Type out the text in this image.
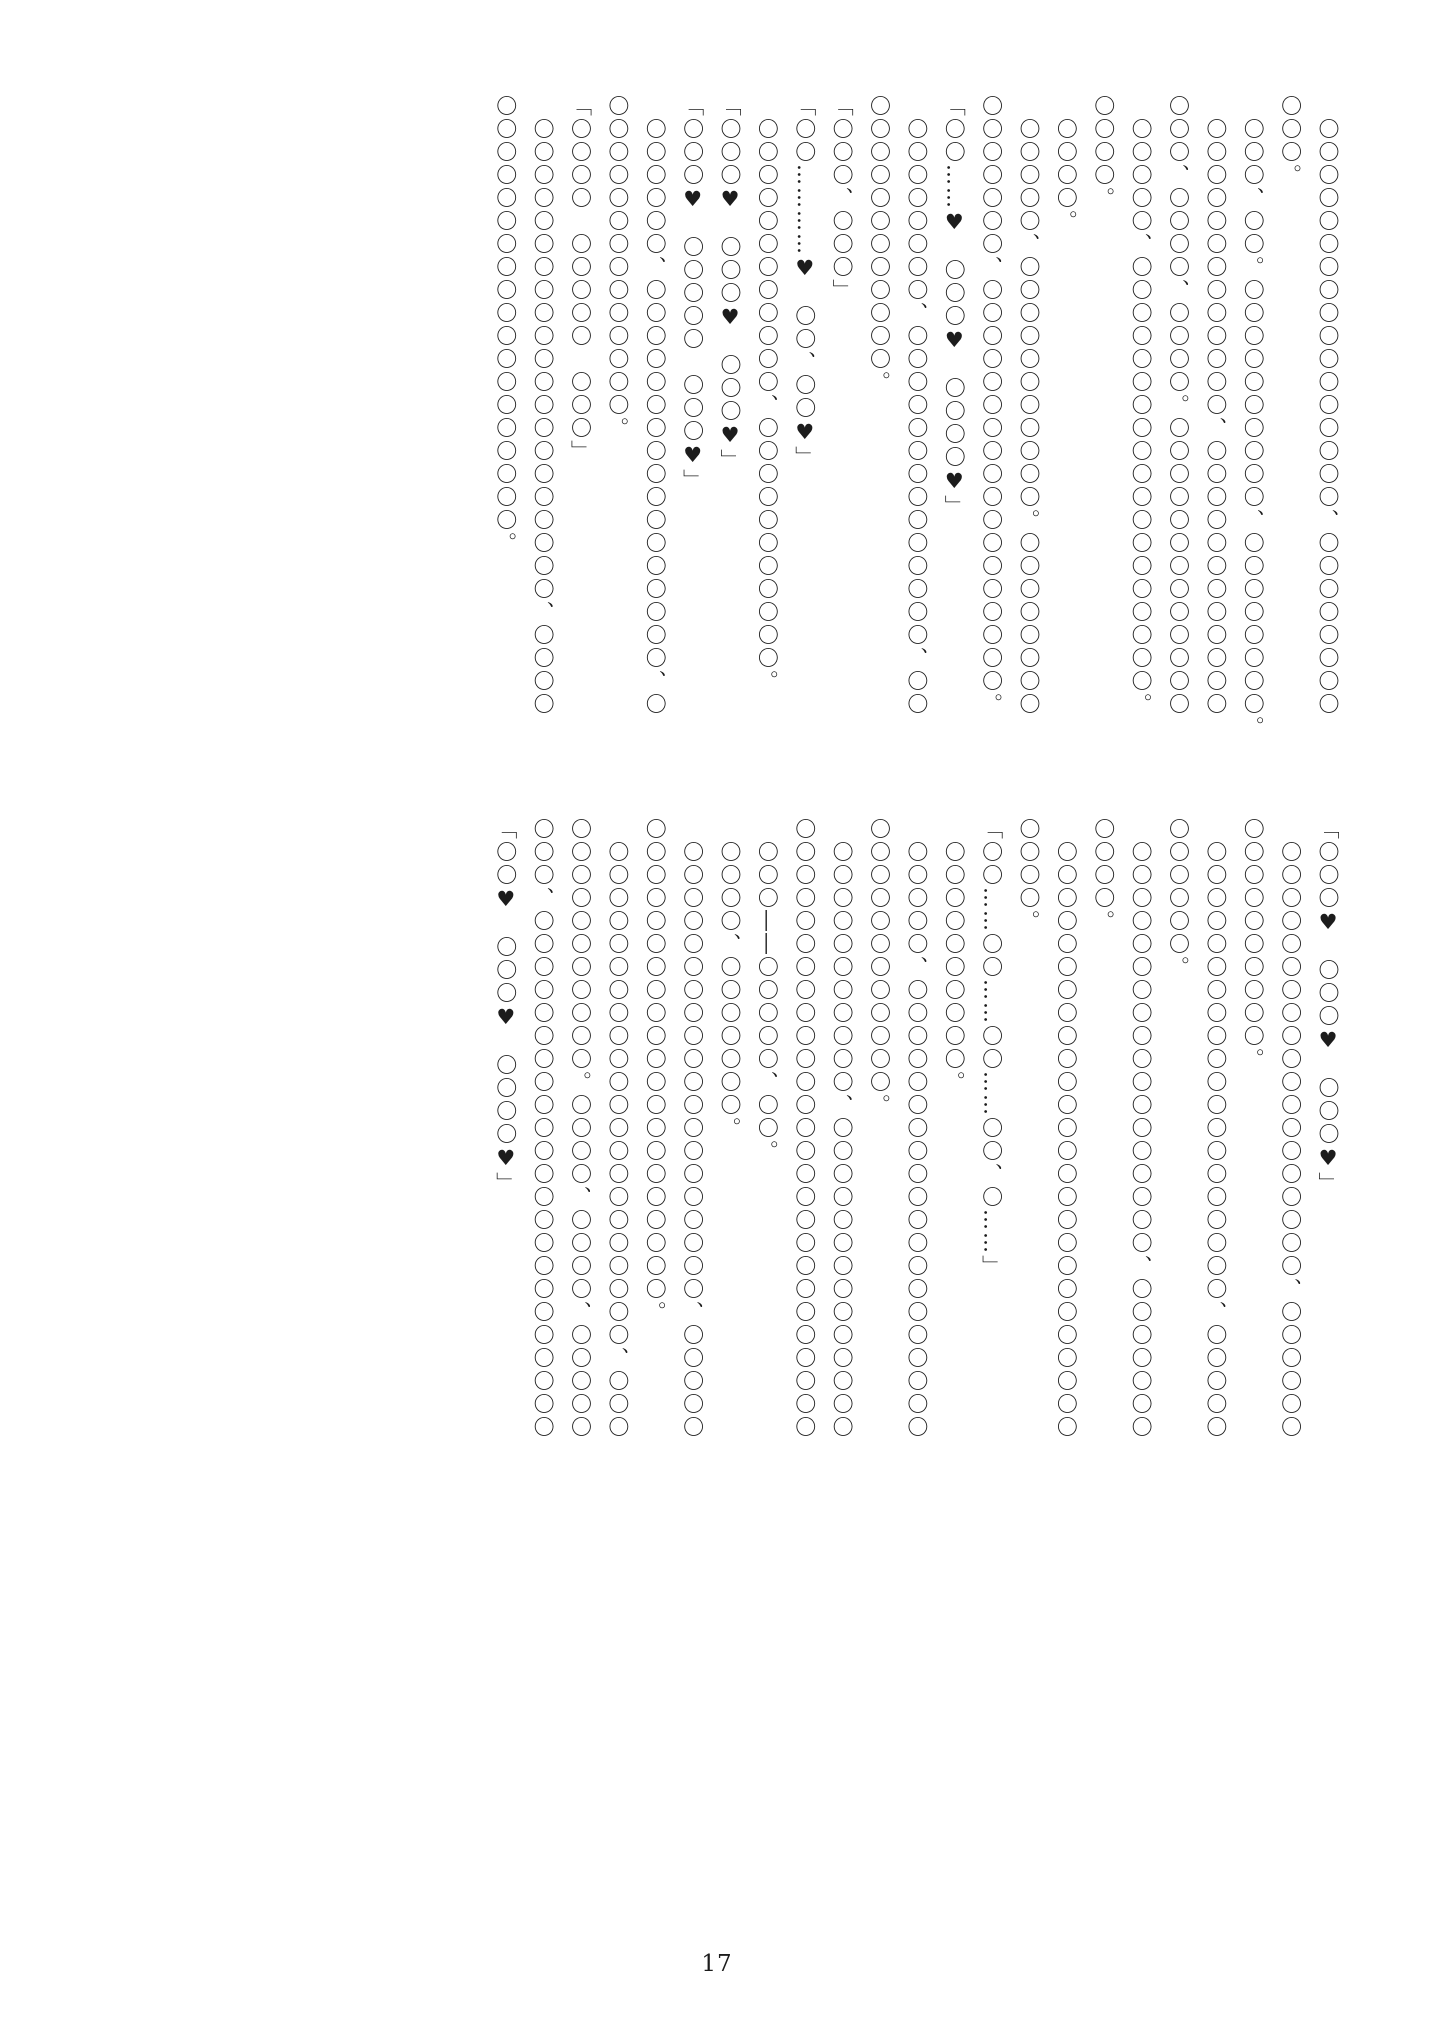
　〇〇〇〇〇〇〇〇〇〇〇〇〇〇〇〇〇、〇〇〇〇〇〇〇〇

〇〇〇。

　〇〇〇、〇〇。〇〇〇〇〇〇〇〇〇〇、〇〇〇〇〇〇〇〇。

　〇〇〇〇〇〇〇〇〇〇〇〇〇、〇〇〇〇〇〇〇〇〇〇〇〇

〇〇〇、〇〇〇〇、〇〇〇〇。〇〇〇〇〇〇〇〇〇〇〇〇〇

　〇〇〇〇〇、〇〇〇〇〇〇〇〇〇〇〇〇〇〇〇〇〇〇〇。

〇〇〇〇。

　〇〇〇〇。

　〇〇〇〇〇、〇〇〇〇〇〇〇〇〇〇〇。〇〇〇〇〇〇〇〇

〇〇〇〇〇〇〇、〇〇〇〇〇〇〇〇〇〇〇〇〇〇〇〇〇〇。

「〇〇……♥　〇〇〇♥　〇〇〇〇♥」

　〇〇〇〇〇〇〇〇、〇〇〇〇〇〇〇〇〇〇〇〇〇〇、〇〇

〇〇〇〇〇〇〇〇〇〇〇〇。

「〇〇〇、〇〇〇」

「〇〇…………♥　〇〇、〇〇♥」

　〇〇〇〇〇〇〇〇〇〇〇〇、〇〇〇〇〇〇〇〇〇〇〇。

「〇〇〇♥　〇〇〇♥　〇〇〇♥」

「〇〇〇♥　〇〇〇〇〇　〇〇〇♥」

　〇〇〇〇〇〇、〇〇〇〇〇〇〇〇〇〇〇〇〇〇〇〇〇、〇

〇〇〇〇〇〇〇〇〇〇〇〇〇〇。

「〇〇〇〇　〇〇〇〇〇　〇〇〇」

　〇〇〇〇〇〇〇〇〇〇〇〇〇〇〇〇〇〇〇〇〇、〇〇〇〇

〇〇〇〇〇〇〇〇〇〇〇〇〇〇〇〇〇〇〇。

「〇〇〇♥　〇〇〇♥　〇〇〇♥」

　〇〇〇〇〇〇〇〇〇〇〇〇〇〇〇〇〇〇〇、〇〇〇〇〇〇

〇〇〇〇〇〇〇〇〇〇。

　〇〇〇〇〇〇〇〇〇〇〇〇〇〇〇〇〇〇〇〇、〇〇〇〇〇

〇〇〇〇〇〇。

　〇〇〇〇〇〇〇〇〇〇〇〇〇〇〇〇〇〇、〇〇〇〇〇〇〇

〇〇〇〇。

　〇〇〇〇〇〇〇〇〇〇〇〇〇〇〇〇〇〇〇〇〇〇〇〇〇〇

〇〇〇〇。

「〇〇……〇〇……〇〇……〇〇、〇……」

　〇〇〇〇〇〇〇〇〇〇。

　〇〇〇〇〇、〇〇〇〇〇〇〇〇〇〇〇〇〇〇〇〇〇〇〇〇

〇〇〇〇〇〇〇〇〇〇〇〇。

　〇〇〇〇〇〇〇〇〇〇〇、〇〇〇〇〇〇〇〇〇〇〇〇〇〇

〇〇〇〇〇〇〇〇〇〇〇〇〇〇〇〇〇〇〇〇〇〇〇〇〇〇〇

　〇〇〇――〇〇〇〇〇、〇〇。

　〇〇〇〇、〇〇〇〇〇〇〇。

　〇〇〇〇〇〇〇〇〇〇〇〇〇〇〇〇〇〇〇〇、〇〇〇〇〇

〇〇〇〇〇〇〇〇〇〇〇〇〇〇〇〇〇〇〇〇〇。

　〇〇〇〇〇〇〇〇〇〇〇〇〇〇〇〇〇〇〇〇〇〇、〇〇〇

〇〇〇〇〇〇〇〇〇〇〇。〇〇〇〇、〇〇〇〇、〇〇〇〇〇

〇〇〇、〇〇〇〇〇〇〇〇〇〇〇〇〇〇〇〇〇〇〇〇〇〇〇

「〇〇♥　〇〇〇♥　〇〇〇〇♥」

17
